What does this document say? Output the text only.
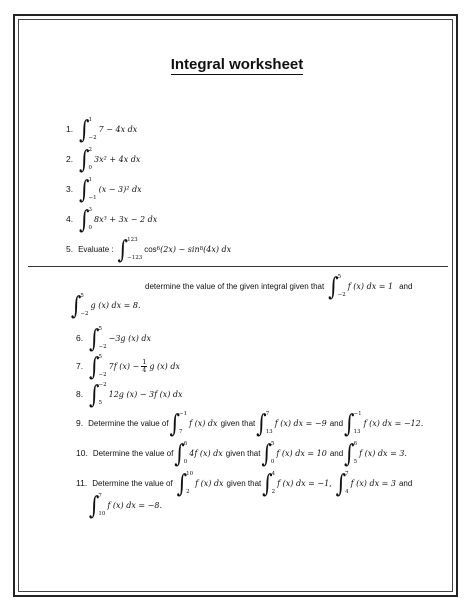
Integral worksheet
1. ∫ 1
−2
7 − 4x dx
2. ∫ 2
0
3x² + 4x dx
3. ∫ 1
−1
(x − 3)² dx
4. ∫ 3
0
8x³ + 3x − 2 dx
5. Evaluate : ∫ 123
−123
cos 6 (2x) − sin 8 (4x) dx
determine the value of the given integral given that ∫ 5
−2
f (x) dx = 1 and
∫ 5
−2
g (x) dx = 8.
6. ∫ 5
−2
−3g (x) dx
7. ∫ 5
−2
7f $(x) - \frac{1}{4}$ g (x) dx
8. ∫ −2
5
12g (x) − 3f (x) dx
9. Determine the value of ∫ −1
7
f (x) dx given that ∫ 7
13
f (x) dx = −9 and ∫ −1
13
f (x) dx = −12.
10. Determine the value of ∫ 6
0
4f (x) dx given that ∫ 5
0
f (x) dx = 10 and ∫ 6
5
f (x) dx = 3.
11. Determine the value of ∫ 10
2
f (x) dx given that ∫ 4
2
f (x) dx = −1, ∫ 7
4
f (x) dx = 3 and
∫ 7
10
f (x) dx = −8.
